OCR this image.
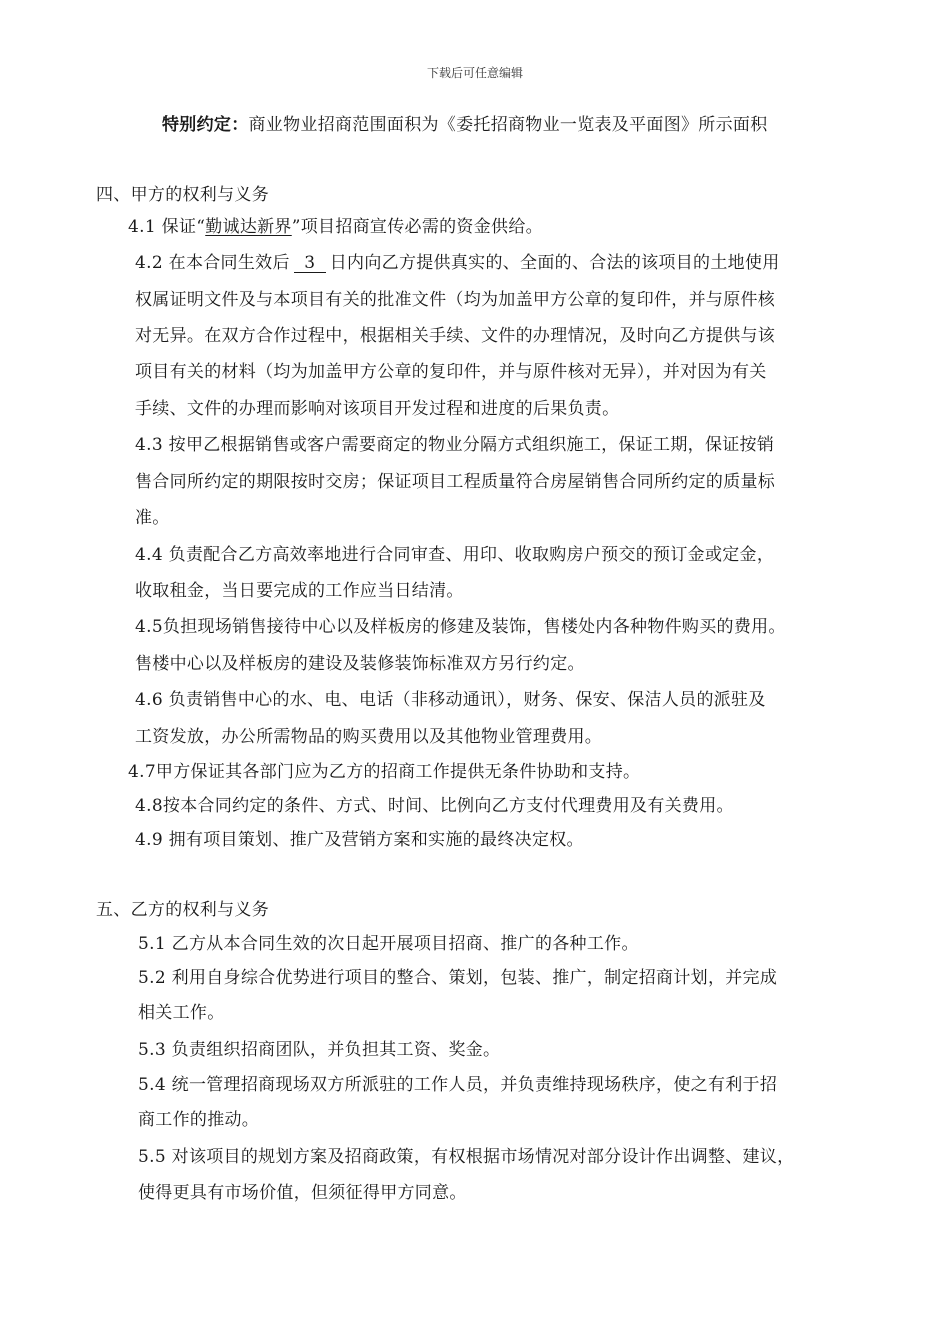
下载后可任意编辑
特别约定：商业物业招商范围面积为《委托招商物业一览表及平面图》所示面积
四、甲方的权利与义务
4.1 保证“勤诚达新界”项目招商宣传必需的资金供给。
4.2 在本合同生效后 3 日内向乙方提供真实的、全面的、合法的该项目的土地使用
权属证明文件及与本项目有关的批准文件（均为加盖甲方公章的复印件，并与原件核
对无异。在双方合作过程中，根据相关手续、文件的办理情况，及时向乙方提供与该
项目有关的材料（均为加盖甲方公章的复印件，并与原件核对无异），并对因为有关
手续、文件的办理而影响对该项目开发过程和进度的后果负责。
4.3 按甲乙根据销售或客户需要商定的物业分隔方式组织施工，保证工期，保证按销
售合同所约定的期限按时交房；保证项目工程质量符合房屋销售合同所约定的质量标
准。
4.4 负责配合乙方高效率地进行合同审查、用印、收取购房户预交的预订金或定金，
收取租金，当日要完成的工作应当日结清。
4.5负担现场销售接待中心以及样板房的修建及装饰，售楼处内各种物件购买的费用。
售楼中心以及样板房的建设及装修装饰标准双方另行约定。
4.6 负责销售中心的水、电、电话（非移动通讯），财务、保安、保洁人员的派驻及
工资发放，办公所需物品的购买费用以及其他物业管理费用。
4.7甲方保证其各部门应为乙方的招商工作提供无条件协助和支持。
4.8按本合同约定的条件、方式、时间、比例向乙方支付代理费用及有关费用。
4.9 拥有项目策划、推广及营销方案和实施的最终决定权。
五、乙方的权利与义务
5.1 乙方从本合同生效的次日起开展项目招商、推广的各种工作。
5.2 利用自身综合优势进行项目的整合、策划，包装、推广，制定招商计划，并完成
相关工作。
5.3 负责组织招商团队，并负担其工资、奖金。
5.4 统一管理招商现场双方所派驻的工作人员，并负责维持现场秩序，使之有利于招
商工作的推动。
5.5 对该项目的规划方案及招商政策，有权根据市场情况对部分设计作出调整、建议，
使得更具有市场价值，但须征得甲方同意。
